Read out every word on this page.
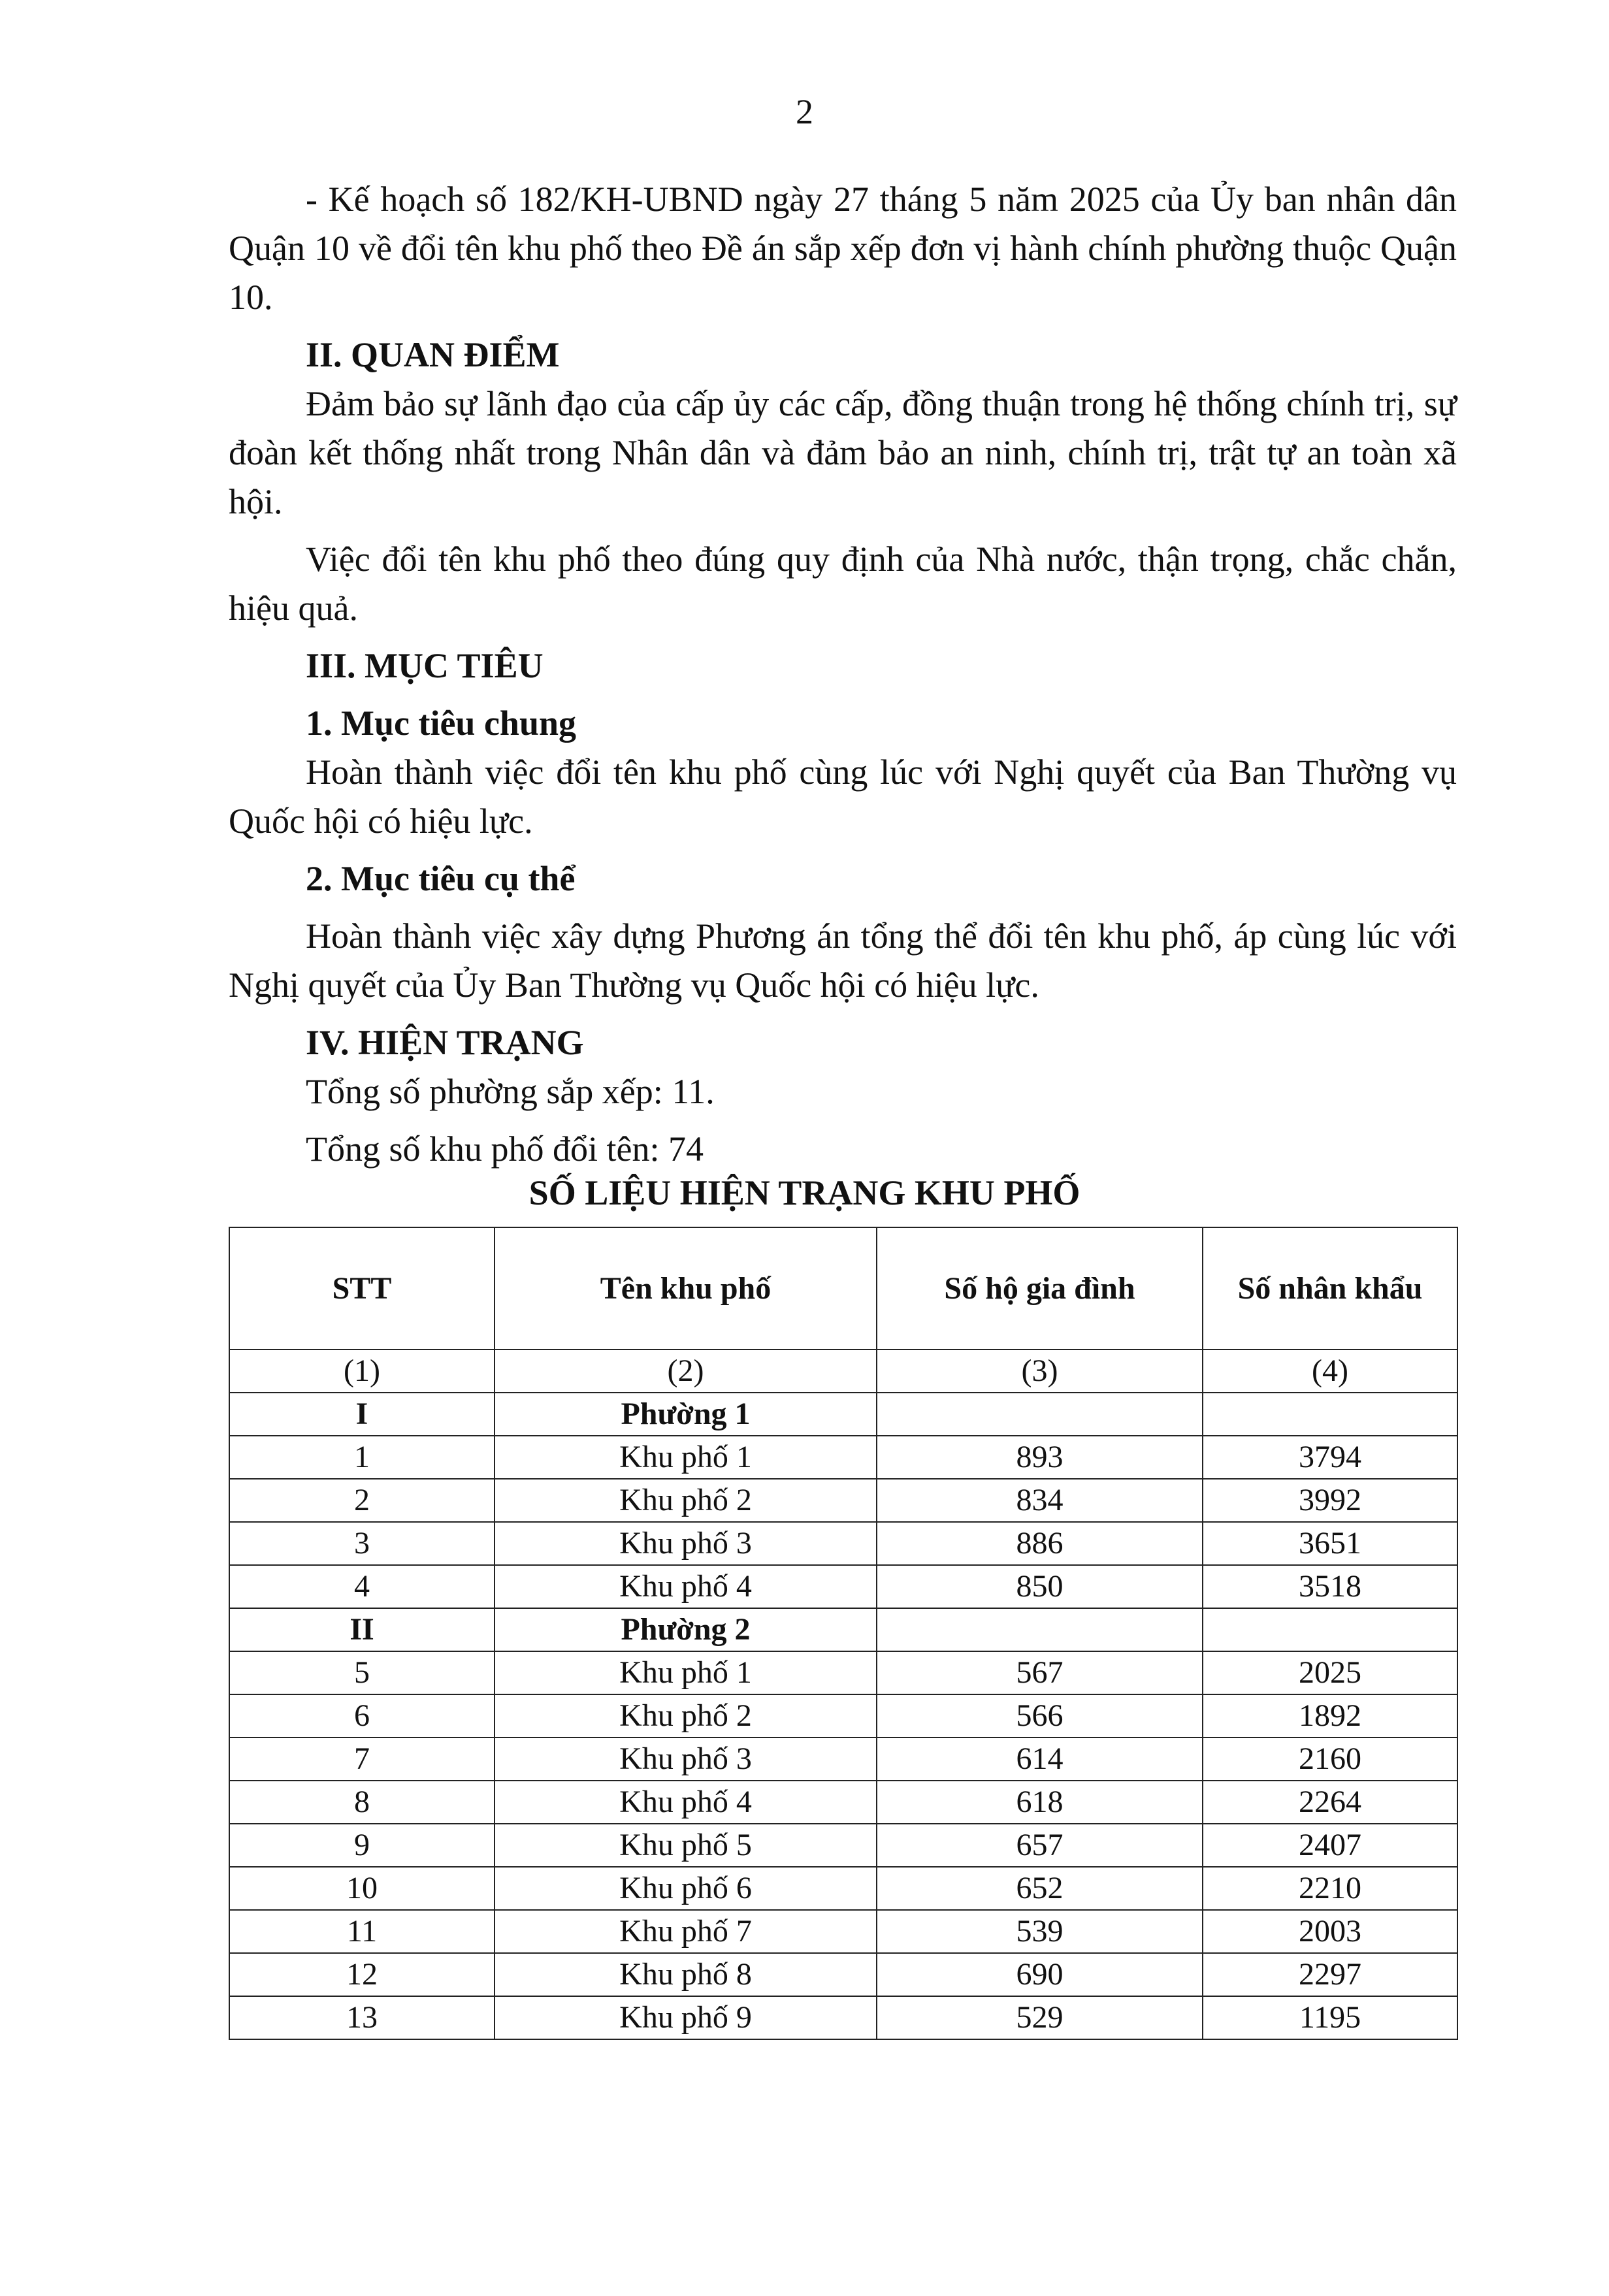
2

- Kế hoạch số 182/KH-UBND ngày 27 tháng 5 năm 2025 của Ủy ban nhân dân Quận 10 về đổi tên khu phố theo Đề án sắp xếp đơn vị hành chính phường thuộc Quận 10.

II. QUAN ĐIỂM

Đảm bảo sự lãnh đạo của cấp ủy các cấp, đồng thuận trong hệ thống chính trị, sự đoàn kết thống nhất trong Nhân dân và đảm bảo an ninh, chính trị, trật tự an toàn xã hội.

Việc đổi tên khu phố theo đúng quy định của Nhà nước, thận trọng, chắc chắn, hiệu quả.

III. MỤC TIÊU

1. Mục tiêu chung

Hoàn thành việc đổi tên khu phố cùng lúc với Nghị quyết của Ban Thường vụ Quốc hội có hiệu lực.

2. Mục tiêu cụ thể

Hoàn thành việc xây dựng Phương án tổng thể đổi tên khu phố, áp cùng lúc với Nghị quyết của Ủy Ban Thường vụ Quốc hội có hiệu lực.

IV. HIỆN TRẠNG

Tổng số phường sắp xếp: 11.

Tổng số khu phố đổi tên: 74

SỐ LIỆU HIỆN TRẠNG KHU PHỐ
STT	Tên khu phố	Số hộ gia đình	Số nhân khẩu
(1)	(2)	(3)	(4)
I	Phường 1		
1	Khu phố 1	893	3794
2	Khu phố 2	834	3992
3	Khu phố 3	886	3651
4	Khu phố 4	850	3518
II	Phường 2		
5	Khu phố 1	567	2025
6	Khu phố 2	566	1892
7	Khu phố 3	614	2160
8	Khu phố 4	618	2264
9	Khu phố 5	657	2407
10	Khu phố 6	652	2210
11	Khu phố 7	539	2003
12	Khu phố 8	690	2297
13	Khu phố 9	529	1195
